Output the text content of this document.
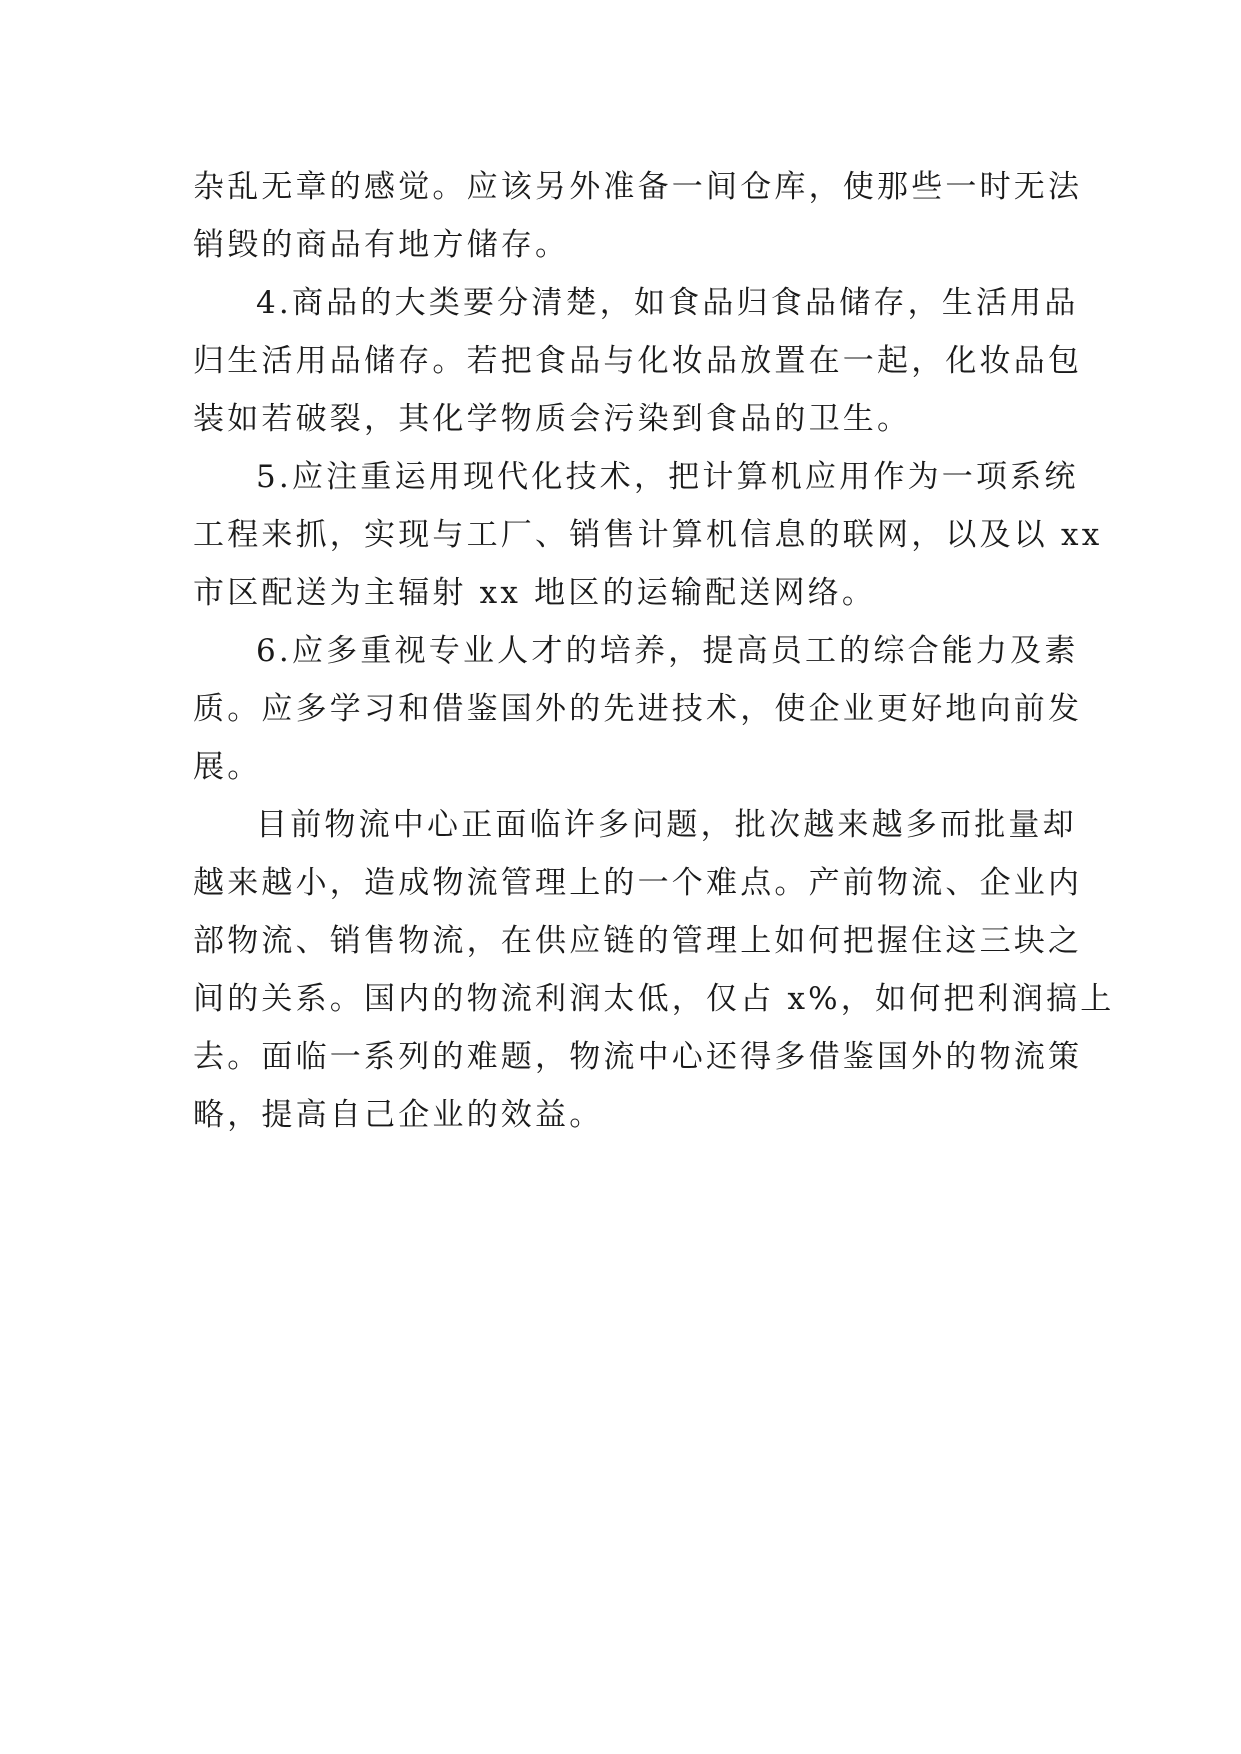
杂乱无章的感觉。应该另外准备一间仓库，使那些一时无法
销毁的商品有地方储存。
4.商品的大类要分清楚，如食品归食品储存，生活用品
归生活用品储存。若把食品与化妆品放置在一起，化妆品包
装如若破裂，其化学物质会污染到食品的卫生。
5.应注重运用现代化技术，把计算机应用作为一项系统
工程来抓，实现与工厂、销售计算机信息的联网，以及以 xx
市区配送为主辐射 xx 地区的运输配送网络。
6.应多重视专业人才的培养，提高员工的综合能力及素
质。应多学习和借鉴国外的先进技术，使企业更好地向前发
展。
目前物流中心正面临许多问题，批次越来越多而批量却
越来越小，造成物流管理上的一个难点。产前物流、企业内
部物流、销售物流，在供应链的管理上如何把握住这三块之
间的关系。国内的物流利润太低，仅占 x%，如何把利润搞上
去。面临一系列的难题，物流中心还得多借鉴国外的物流策
略，提高自己企业的效益。
